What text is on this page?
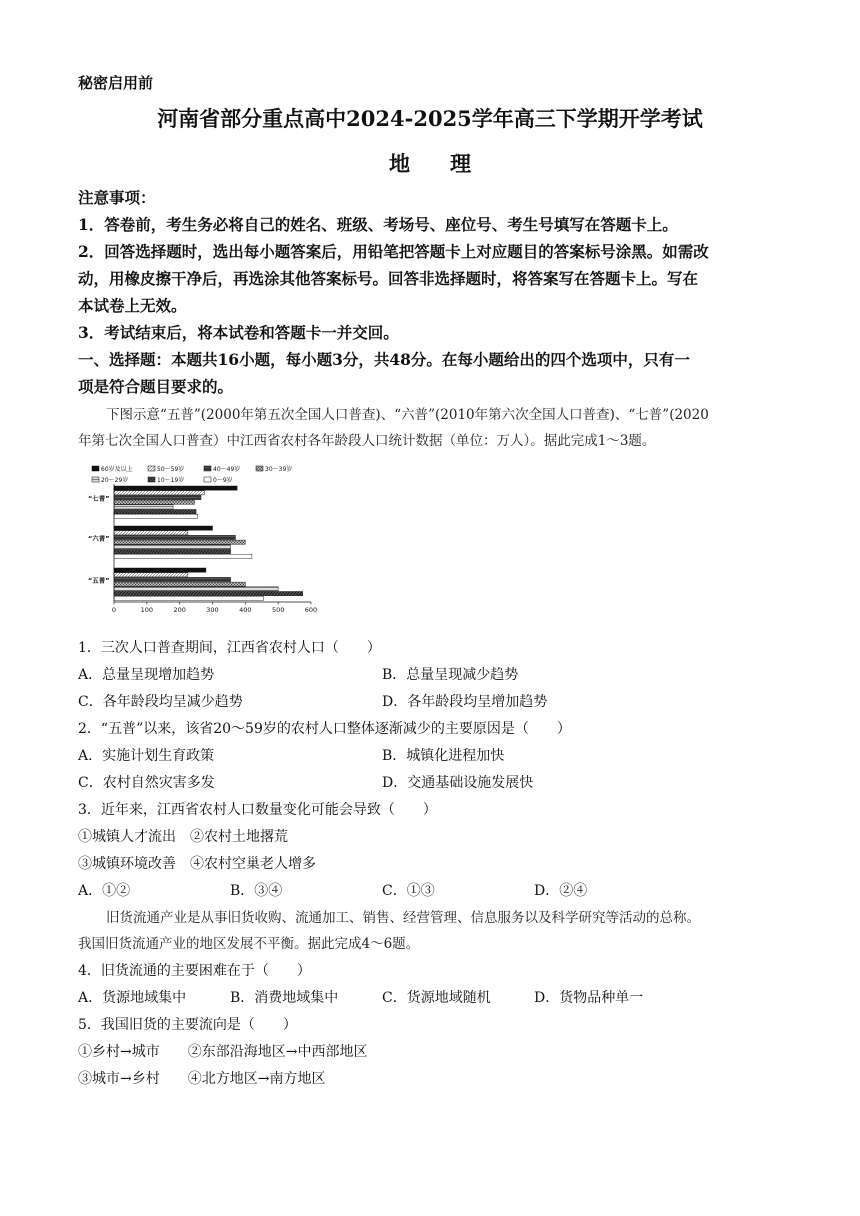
秘密启用前
河南省部分重点高中2024-2025学年高三下学期开学考试
地理
注意事项：
1．答卷前，考生务必将自己的姓名、班级、考场号、座位号、考生号填写在答题卡上。
2．回答选择题时，选出每小题答案后，用铅笔把答题卡上对应题目的答案标号涂黑。如需改
动，用橡皮擦干净后，再选涂其他答案标号。回答非选择题时，将答案写在答题卡上。写在
本试卷上无效。
3．考试结束后，将本试卷和答题卡一并交回。
一、选择题：本题共16小题，每小题3分，共48分。在每小题给出的四个选项中，只有一
项是符合题目要求的。
下图示意“五普”(2000年第五次全国人口普查)、“六普”(2010年第六次全国人口普查)、“七普”(2020
年第七次全国人口普查）中江西省农村各年龄段人口统计数据（单位：万人）。据此完成1～3题。
60岁及以上	50～59岁	40～49岁	30～39岁
20～29岁	10～19岁	0～9岁
“七普”
“六普”
“五普”
0	100	200	300	400	500	600
1．三次人口普查期间，江西省农村人口（　　）
A．总量呈现增加趋势	B．总量呈现减少趋势
C．各年龄段均呈减少趋势	D．各年龄段均呈增加趋势
2．“五普”以来，该省20～59岁的农村人口整体逐渐减少的主要原因是（　　）
A．实施计划生育政策	B．城镇化进程加快
C．农村自然灾害多发	D．交通基础设施发展快
3．近年来，江西省农村人口数量变化可能会导致（　　）
①城镇人才流出　②农村土地撂荒
③城镇环境改善　④农村空巢老人增多
A．①②	B．③④	C．①③	D．②④
旧货流通产业是从事旧货收购、流通加工、销售、经营管理、信息服务以及科学研究等活动的总称。
我国旧货流通产业的地区发展不平衡。据此完成4～6题。
4．旧货流通的主要困难在于（　　）
A．货源地域集中	B．消费地域集中	C．货源地域随机	D．货物品种单一
5．我国旧货的主要流向是（　　）
①乡村→城市　　②东部沿海地区→中西部地区
③城市→乡村　　④北方地区→南方地区
